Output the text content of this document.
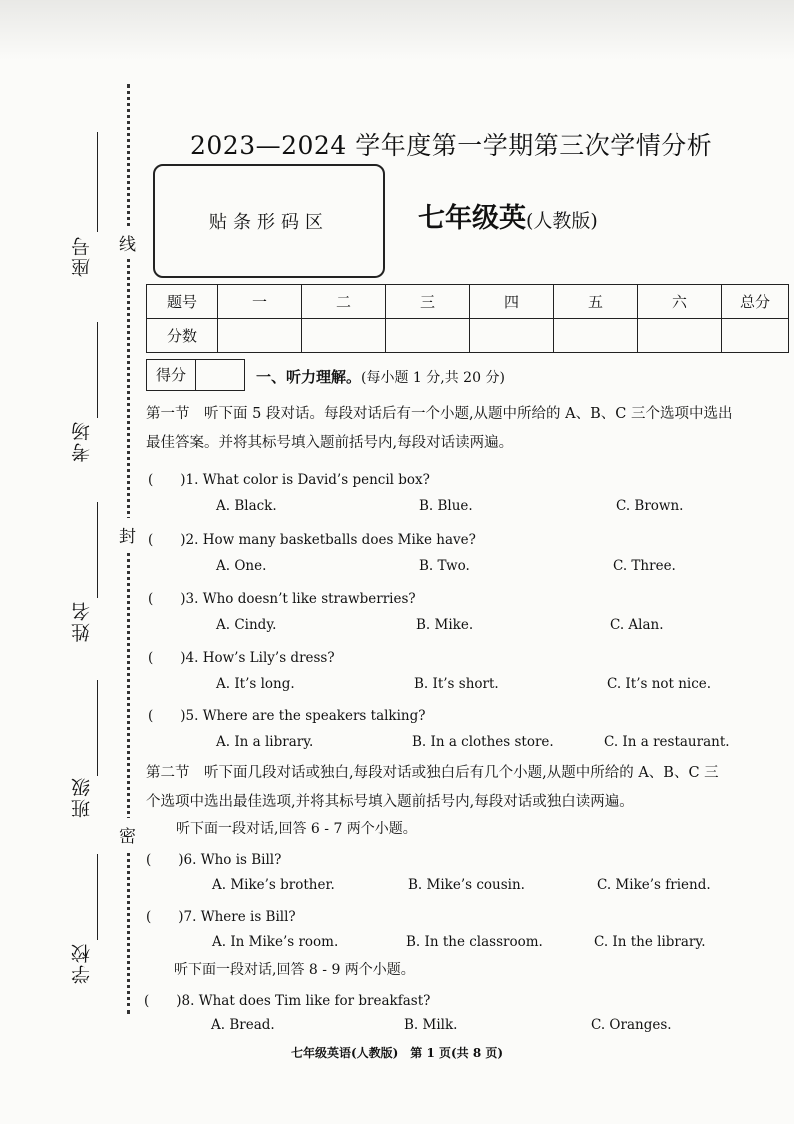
座号
考场
姓名
班级
学校
线
封
密
2023—2024 学年度第一学期第三次学情分析
贴条形码区	七年级英(人教版)
题号	一	二	三	四	五	六	总分
分数							
得分	一、听力理解。(每小题 1 分,共 20 分)
第一节　听下面 5 段对话。每段对话后有一个小题,从题中所给的 A、B、C 三个选项中选出
最佳答案。并将其标号填入题前括号内,每段对话读两遍。
(　　)1. What color is David’s pencil box?
A. Black.	B. Blue.	C. Brown.
(　　)2. How many basketballs does Mike have?
A. One.	B. Two.	C. Three.
(　　)3. Who doesn’t like strawberries?
A. Cindy.	B. Mike.	C. Alan.
(　　)4. How’s Lily’s dress?
A. It’s long.	B. It’s short.	C. It’s not nice.
(　　)5. Where are the speakers talking?
A. In a library.	B. In a clothes store.	C. In a restaurant.
第二节　听下面几段对话或独白,每段对话或独白后有几个小题,从题中所给的 A、B、C 三
个选项中选出最佳选项,并将其标号填入题前括号内,每段对话或独白读两遍。
听下面一段对话,回答 6 - 7 两个小题。
(　　)6. Who is Bill?
A. Mike’s brother.	B. Mike’s cousin.	C. Mike’s friend.
(　　)7. Where is Bill?
A. In Mike’s room.	B. In the classroom.	C. In the library.
听下面一段对话,回答 8 - 9 两个小题。
(　　)8. What does Tim like for breakfast?
A. Bread.	B. Milk.	C. Oranges.
七年级英语(人教版)　第 1 页(共 8 页)
